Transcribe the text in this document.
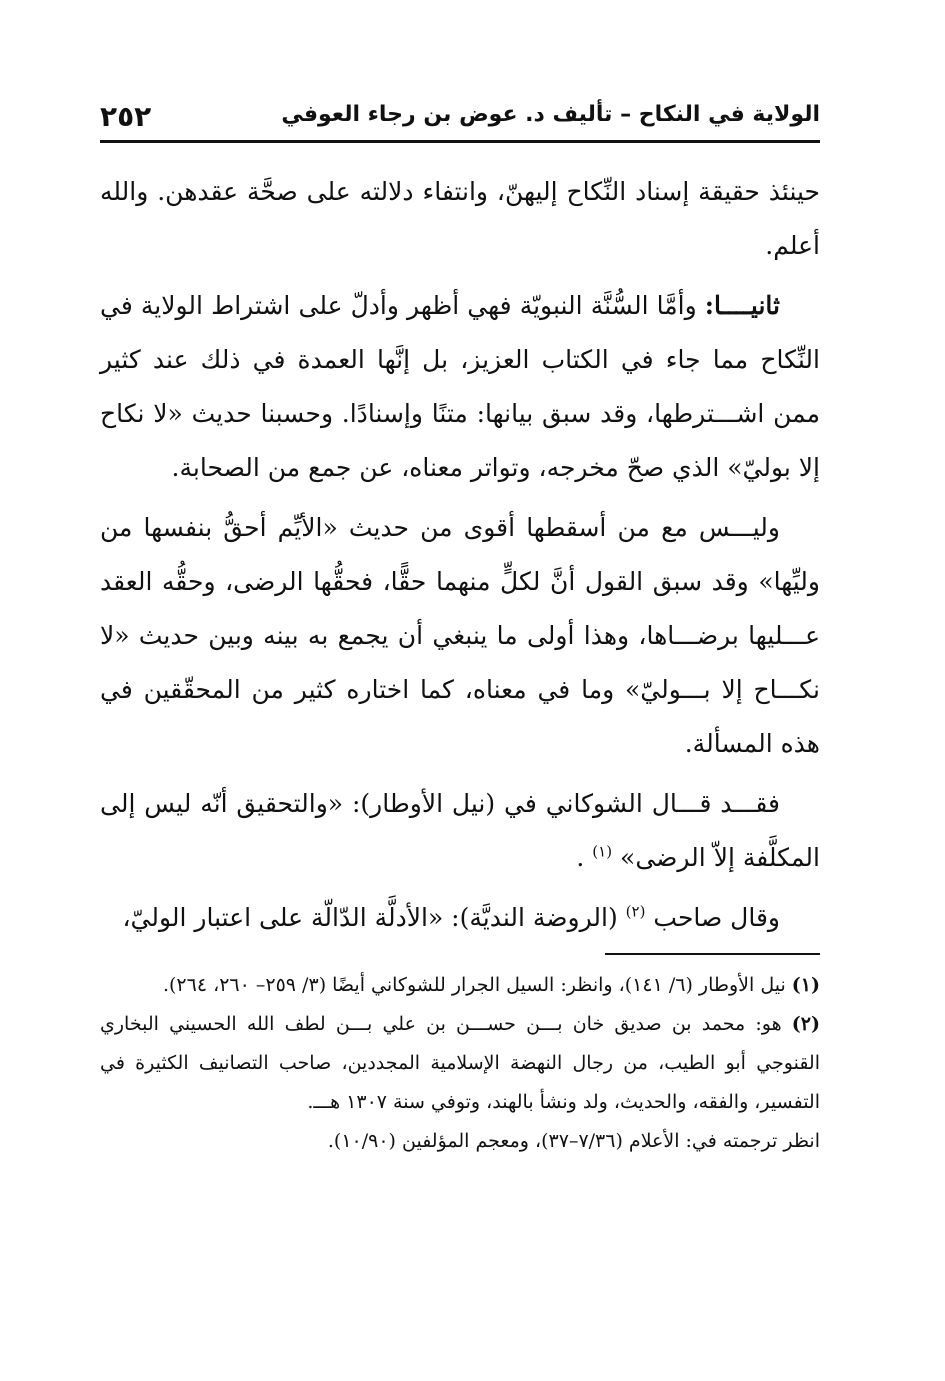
الولاية في النكاح – تأليف د. عوض بن رجاء العوفي
٢٥٢

حينئذ حقيقة إسناد النِّكاح إليهنّ، وانتفاء دلالته على صحَّة عقدهن. والله أعلم.

ثانيــــا: وأمَّا السُّنَّة النبويّة فهي أظهر وأدلّ على اشتراط الولاية في النِّكاح مما جاء في الكتاب العزيز، بل إنَّها العمدة في ذلك عند كثير ممن اشـــترطها، وقد سبق بيانها: متنًا وإسنادًا. وحسبنا حديث «لا نكاح إلا بوليّ» الذي صحّ مخرجه، وتواتر معناه، عن جمع من الصحابة.

وليـــس مع من أسقطها أقوى من حديث «الأيِّم أحقُّ بنفسها من وليِّها» وقد سبق القول أنَّ لكلٍّ منهما حقًّا، فحقُّها الرضى، وحقُّه العقد عـــليها برضـــاها، وهذا أولى ما ينبغي أن يجمع به بينه وبين حديث «لا نكـــاح إلا بـــوليّ» وما في معناه، كما اختاره كثير من المحقّقين في هذه المسألة.

فقـــد قـــال الشوكاني في (نيل الأوطار): «والتحقيق أنّه ليس إلى المكلَّفة إلاّ الرضى» $^{(١)}$ .

وقال صاحب $^{(٢)}$ (الروضة النديَّة): «الأدلَّة الدّالّة على اعتبار الوليّ،

(١) نيل الأوطار (٦/ ١٤١)، وانظر: السيل الجرار للشوكاني أيضًا (٣/ ٢٥٩– ٢٦٠، ٢٦٤).

(٢) هو: محمد بن صديق خان بـــن حســـن بن علي بـــن لطف الله الحسيني البخاري القنوجي أبو الطيب، من رجال النهضة الإسلامية المجددين، صاحب التصانيف الكثيرة في التفسير، والفقه، والحديث، ولد ونشأ بالهند، وتوفي سنة ١٣٠٧ هـــ.

انظر ترجمته في: الأعلام (٧/٣٦–٣٧)، ومعجم المؤلفين (١٠/٩٠).
